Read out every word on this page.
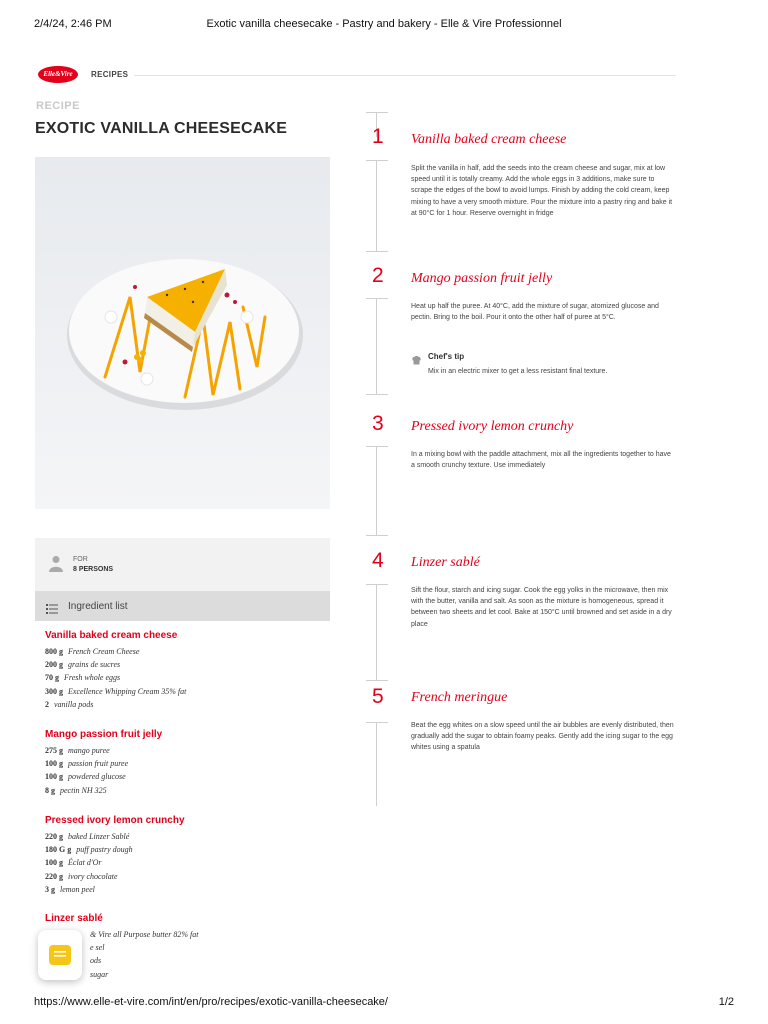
2/4/24, 2:46 PM	Exotic vanilla cheesecake - Pastry and bakery - Elle & Vire Professionnel
Elle&Vire	RECIPES
RECIPE
EXOTIC VANILLA CHEESECAKE
FOR
8 PERSONS
Ingredient list
Vanilla baked cream cheese
800 g French Cream Cheese
200 g grains de sucres
70 g Fresh whole eggs
300 g Excellence Whipping Cream 35% fat
2 vanilla pods
Mango passion fruit jelly
275 g mango puree
100 g passion fruit puree
100 g powdered glucose
8 g pectin NH 325
Pressed ivory lemon crunchy
220 g baked Linzer Sablé
180 G g puff pastry dough
100 g Éclat d'Or
220 g ivory chocolate
3 g lemon peel
Linzer sablé
& Vire all Purpose butter 82% fat
e sel
ods
sugar
1 Vanilla baked cream cheese
Split the vanilla in half, add the seeds into the cream cheese and sugar, mix at low speed until it is totally creamy. Add the whole eggs in 3 additions, make sure to scrape the edges of the bowl to avoid lumps. Finish by adding the cold cream, keep mixing to have a very smooth mixture. Pour the mixture into a pastry ring and bake it at 90°C for 1 hour. Reserve overnight in fridge
2 Mango passion fruit jelly
Heat up half the puree. At 40°C, add the mixture of sugar, atomized glucose and pectin. Bring to the boil. Pour it onto the other half of puree at 5°C.
Chef's tip
Mix in an electric mixer to get a less resistant final texture.
3 Pressed ivory lemon crunchy
In a mixing bowl with the paddle attachment, mix all the ingredients together to have a smooth crunchy texture. Use immediately
4 Linzer sablé
Sift the flour, starch and icing sugar. Cook the egg yolks in the microwave, then mix with the butter, vanilla and salt. As soon as the mixture is homogeneous, spread it between two sheets and let cool. Bake at 150°C until browned and set aside in a dry place
5 French meringue
Beat the egg whites on a slow speed until the air bubbles are evenly distributed, then gradually add the sugar to obtain foamy peaks. Gently add the icing sugar to the egg whites using a spatula
https://www.elle-et-vire.com/int/en/pro/recipes/exotic-vanilla-cheesecake/	1/2
